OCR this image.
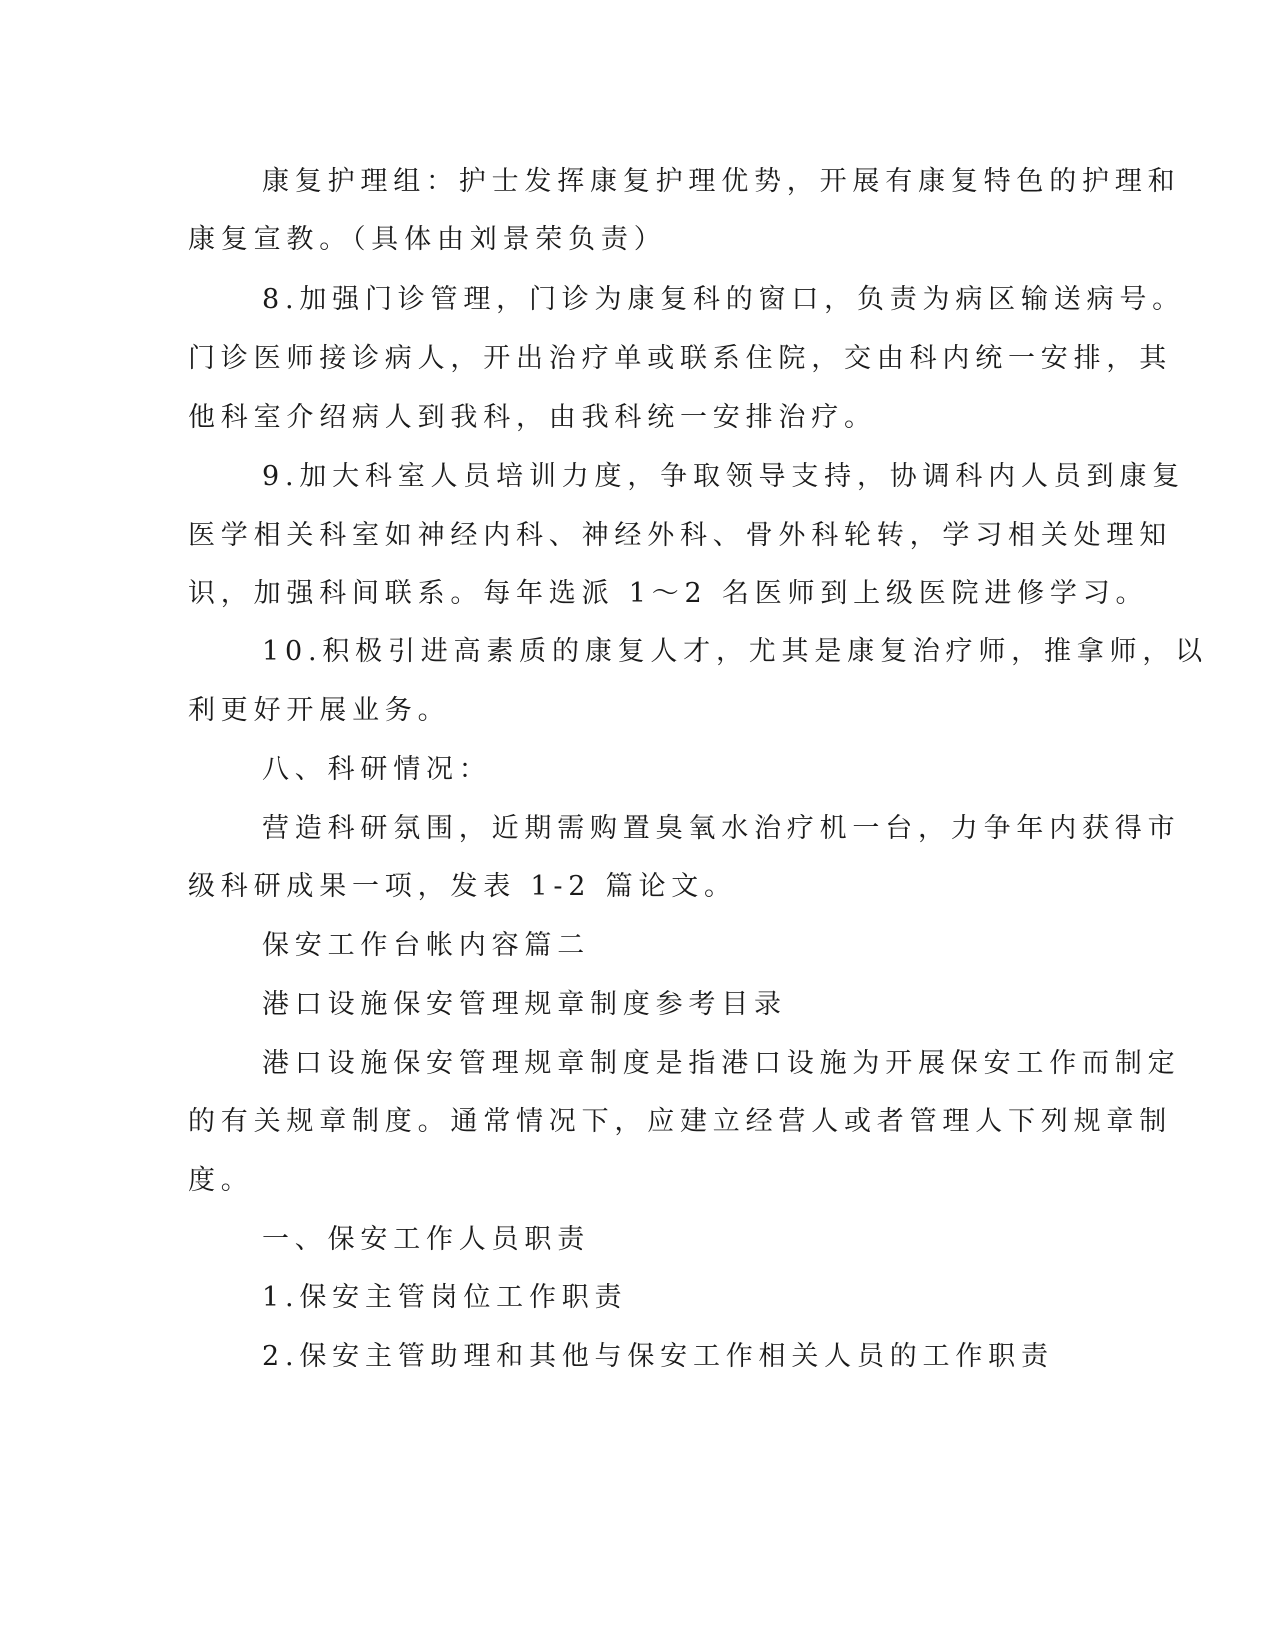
康复护理组：护士发挥康复护理优势，开展有康复特色的护理和
康复宣教。（具体由刘景荣负责）
8.加强门诊管理，门诊为康复科的窗口，负责为病区输送病号。
门诊医师接诊病人，开出治疗单或联系住院，交由科内统一安排，其
他科室介绍病人到我科，由我科统一安排治疗。
9.加大科室人员培训力度，争取领导支持，协调科内人员到康复
医学相关科室如神经内科、神经外科、骨外科轮转，学习相关处理知
识，加强科间联系。每年选派 1～2 名医师到上级医院进修学习。
10.积极引进高素质的康复人才，尤其是康复治疗师，推拿师，以
利更好开展业务。
八、科研情况：
营造科研氛围，近期需购置臭氧水治疗机一台，力争年内获得市
级科研成果一项，发表 1-2 篇论文。
保安工作台帐内容篇二
港口设施保安管理规章制度参考目录
港口设施保安管理规章制度是指港口设施为开展保安工作而制定
的有关规章制度。通常情况下，应建立经营人或者管理人下列规章制
度。
一、保安工作人员职责
1.保安主管岗位工作职责
2.保安主管助理和其他与保安工作相关人员的工作职责
